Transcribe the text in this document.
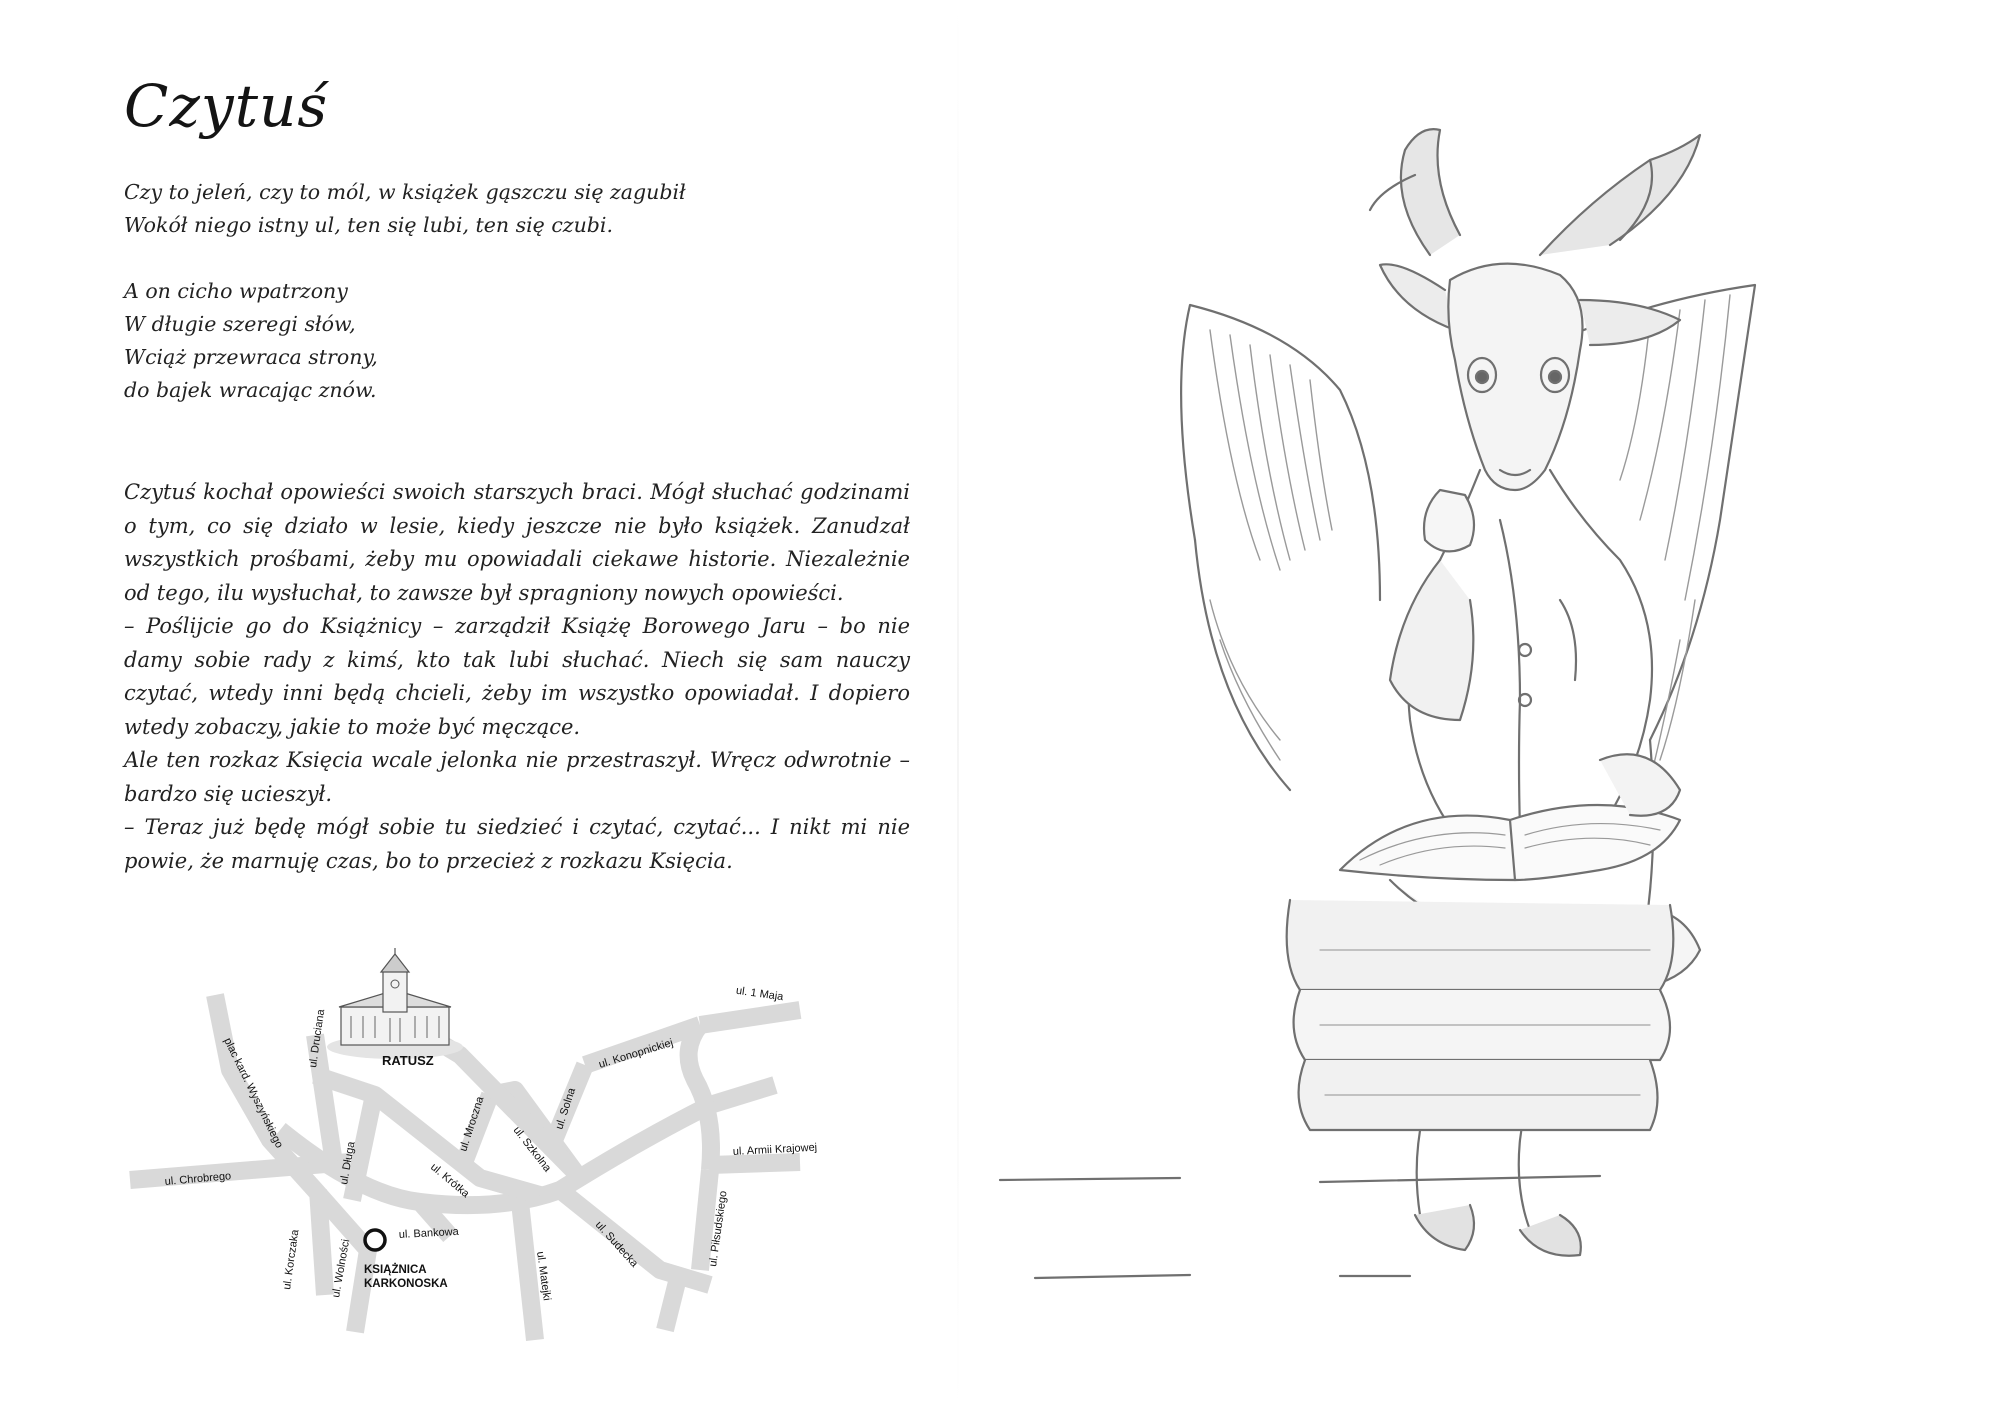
Czytuś
Czy to jeleń, czy to mól, w książek gąszczu się zagubił
Wokół niego istny ul, ten się lubi, ten się czubi.
A on cicho wpatrzony
W długie szeregi słów,
Wciąż przewraca strony,
do bajek wracając znów.

Czytuś kochał opowieści swoich starszych braci. Mógł słuchać godzinami o tym, co się działo w lesie, kiedy jeszcze nie było książek. Zanudzał wszystkich prośbami, żeby mu opowiadali ciekawe historie. Niezależnie od tego, ilu wysłuchał, to zawsze był spragniony nowych opowieści.

– Poślijcie go do Książnicy – zarządził Książę Borowego Jaru – bo nie damy sobie rady z kimś, kto tak lubi słuchać. Niech się sam nauczy czytać, wtedy inni będą chcieli, żeby im wszystko opowiadał. I dopiero wtedy zobaczy, jakie to może być męczące.

Ale ten rozkaz Księcia wcale jelonka nie przestraszył. Wręcz odwrotnie – bardzo się ucieszył.

– Teraz już będę mógł sobie tu siedzieć i czytać, czytać... I nikt mi nie powie, że marnuję czas, bo to przecież z rozkazu Księcia.

RATUSZ
KSIĄŻNICA
KARKONOSKA
plac kard. Wyszyńskiego ul. Druciana
ul. Chrobrego	ul. Długa	ul. Krótka
ul. Mroczna ul. Szkolna
ul. Solna
ul. Konopnickiej
ul. 1 Maja
ul. Armii Krajowej
ul. Piłsudskiego
ul. Sudecka
ul. Matejki
ul. Bankowa
ul. Wolności
ul. Korczaka
